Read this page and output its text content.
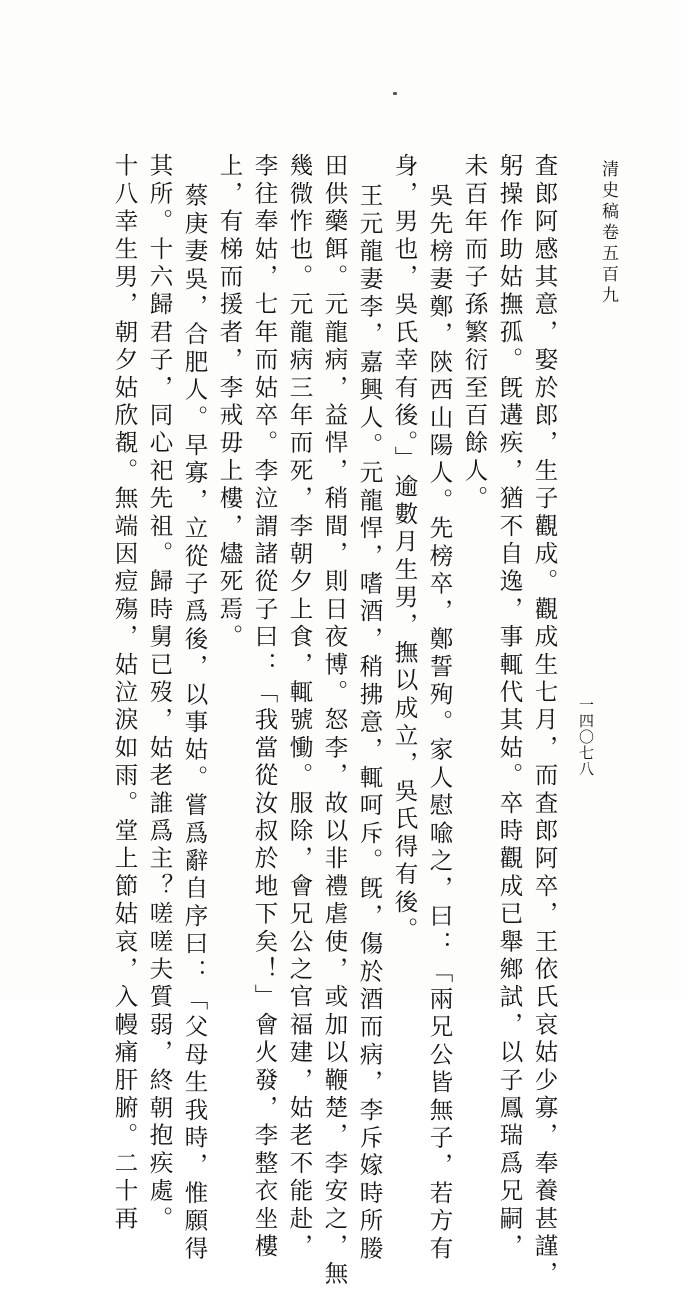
清史稿卷五百九
一四〇七八
査郎阿感其意，娶於郎，生子觀成。觀成生七月，而査郎阿卒，王依氏哀姑少寡，奉養甚謹，
躬操作助姑撫孤。旣遘疾，猶不自逸，事輒代其姑。卒時觀成已舉鄉試，以子鳳瑞爲兄嗣，
未百年而子孫繁衍至百餘人。
吳先榜妻鄭，陝西山陽人。先榜卒，鄭誓殉。家人慰喩之，曰：「兩兄公皆無子，若方有
身，男也，吳氏幸有後。」逾數月生男，撫以成立，吳氏得有後。
王元龍妻李，嘉興人。元龍悍，嗜酒，稍拂意，輒呵斥。旣，傷於酒而病，李斥嫁時所媵
田供藥餌。元龍病，益悍，稍間，則日夜博。怒李，故以非禮虐使，或加以鞭楚，李安之，無
幾微怍也。元龍病三年而死，李朝夕上食，輒號慟。服除，會兄公之官福建，姑老不能赴，
李往奉姑，七年而姑卒。李泣謂諸從子曰：「我當從汝叔於地下矣！」會火發，李整衣坐樓
上，有梯而援者，李戒毋上樓，燼死焉。
蔡庚妻吳，合肥人。早寡，立從子爲後，以事姑。嘗爲辭自序曰：「父母生我時，惟願得
其所。十六歸君子，同心祀先祖。歸時舅已歿，姑老誰爲主？嗟嗟夫質弱，終朝抱疾處。
十八幸生男，朝夕姑欣覩。無端因痘殤，姑泣淚如雨。堂上節姑哀，入幔痛肝腑。二十再
